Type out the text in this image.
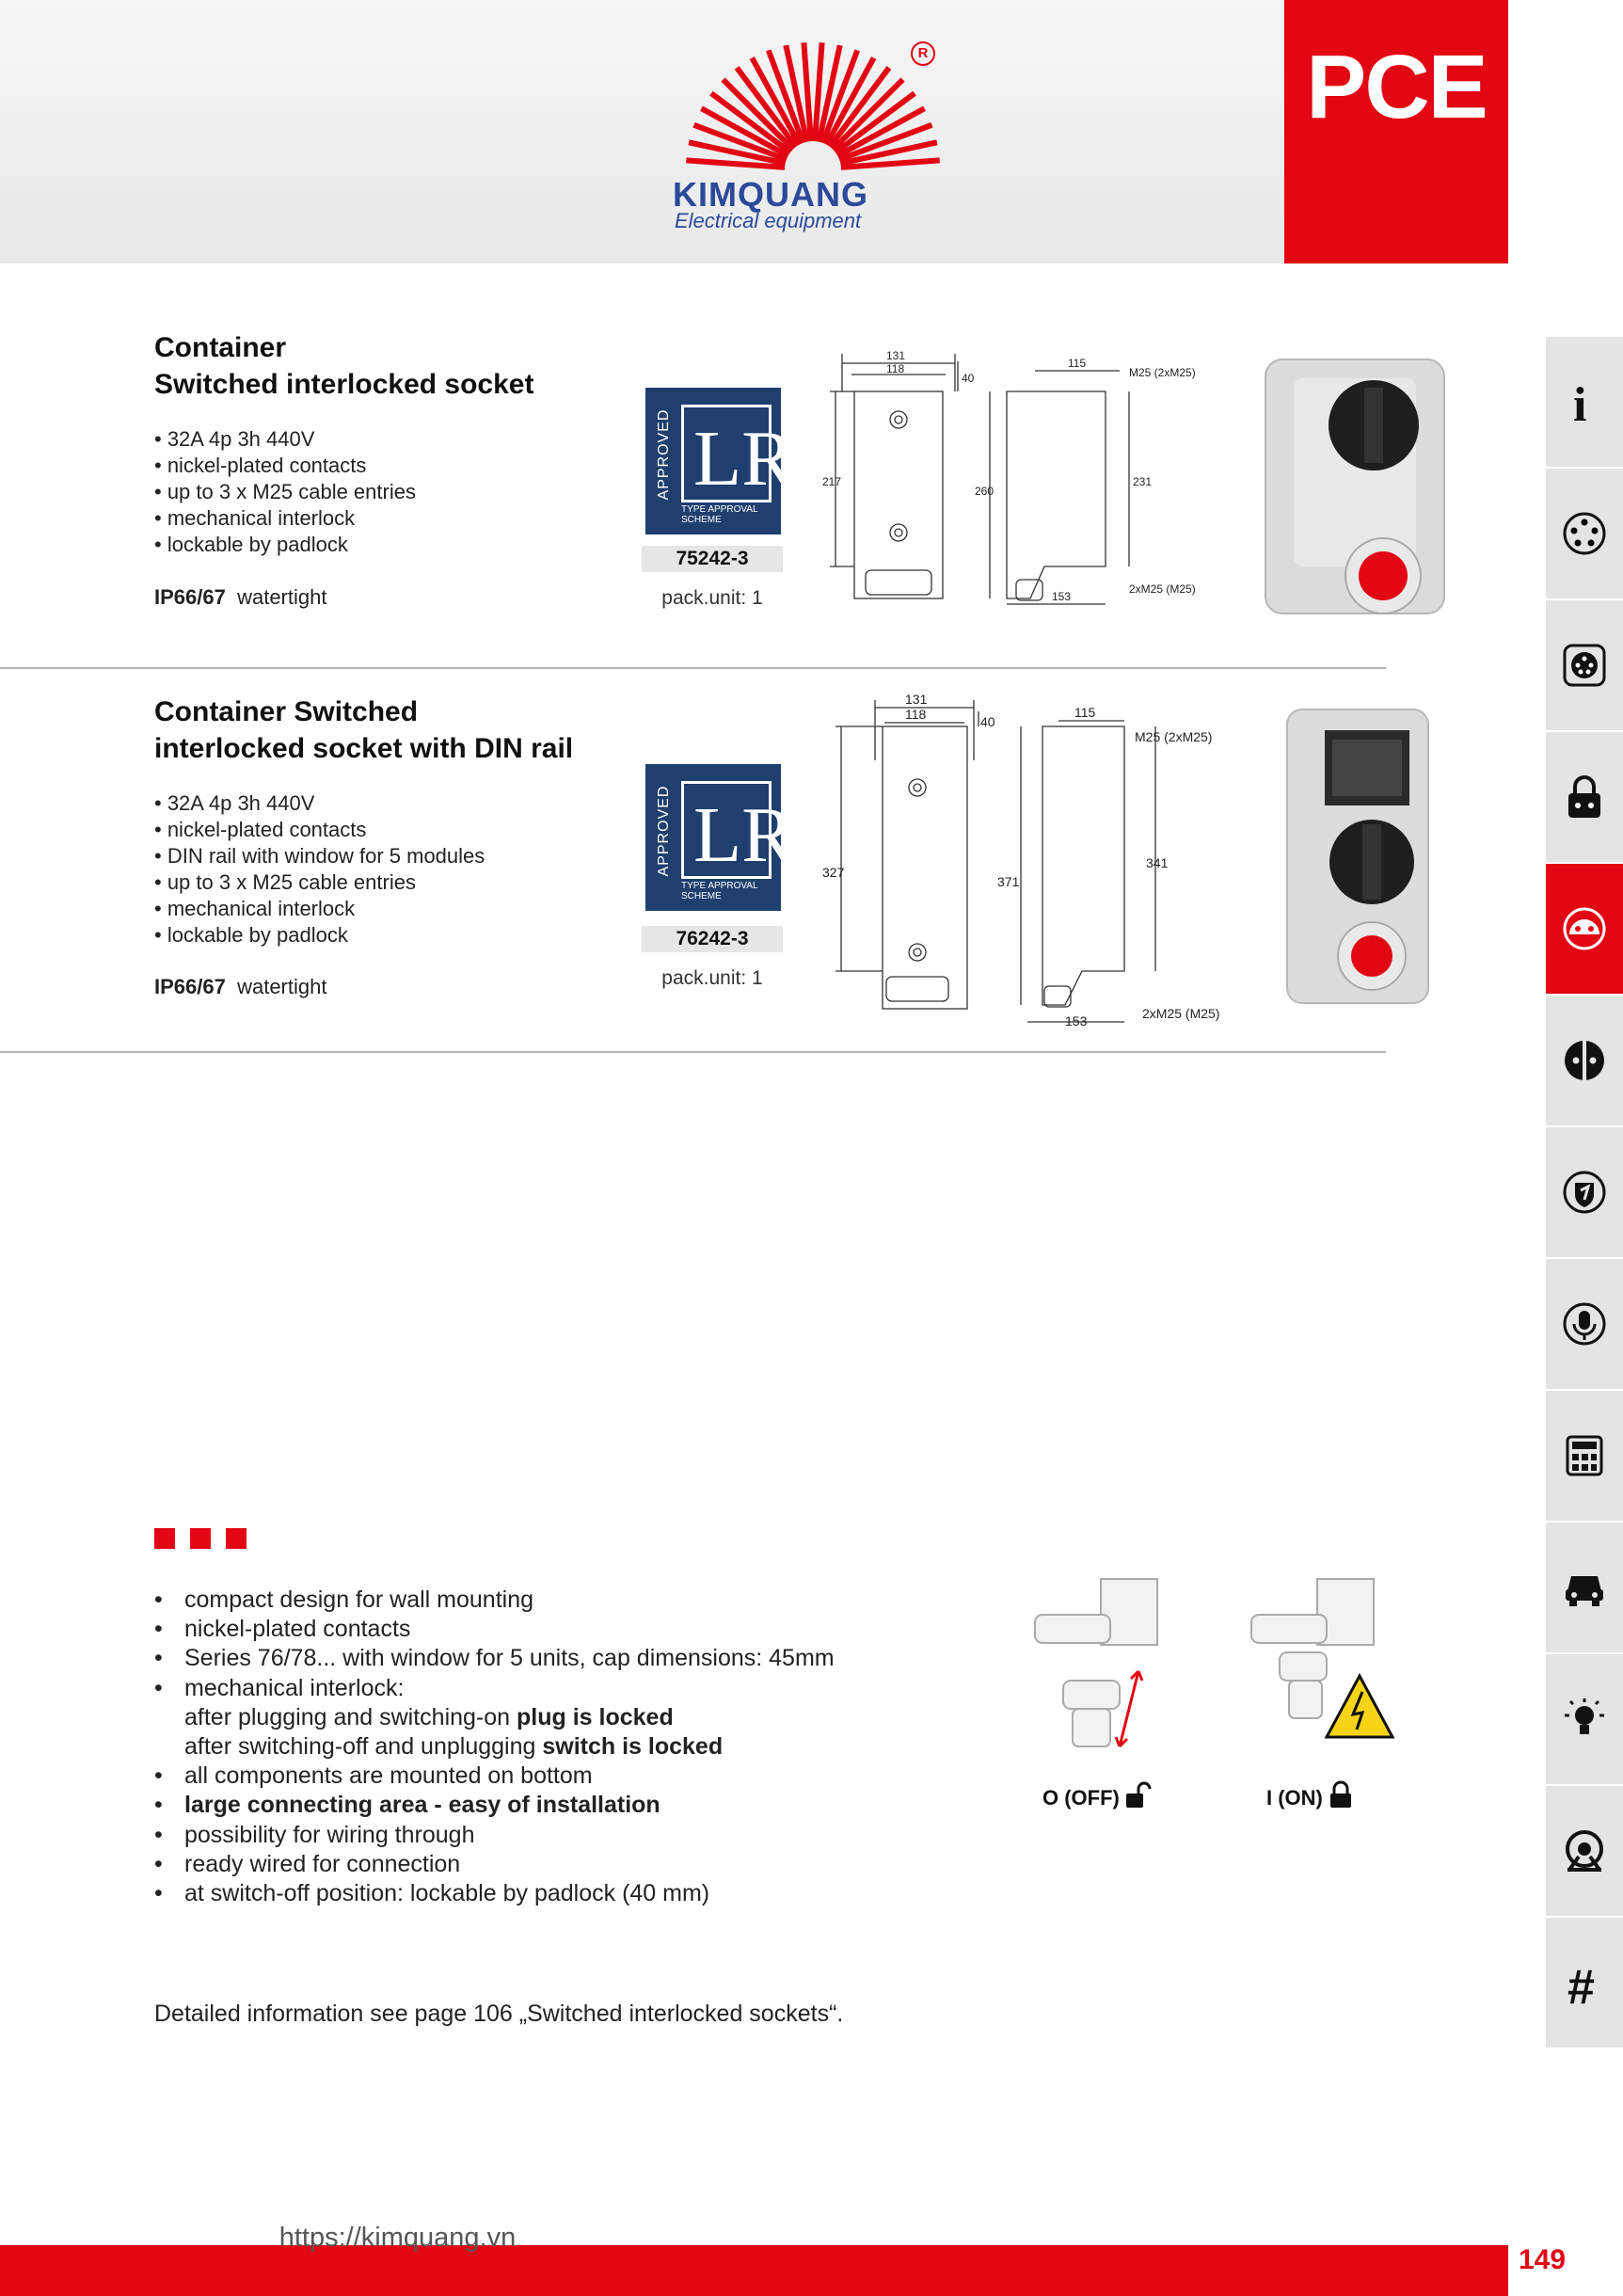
R
KIMQUANG
Electrical equipment
PCE
Container
Switched interlocked socket
• 32A 4p 3h 440V
• nickel-plated contacts
• up to 3 x M25 cable entries
• mechanical interlock
• lockable by padlock
IP66/67 watertight
APPROVED LR
TYPE APPROVAL
SCHEME
75242-3
pack.unit: 1
131
118
40
217
115
M25 (2xM25)
260
231
153
2xM25 (M25)
Container Switched
interlocked socket with DIN rail
• 32A 4p 3h 440V
• nickel-plated contacts
• DIN rail with window for 5 modules
• up to 3 x M25 cable entries
• mechanical interlock
• lockable by padlock
IP66/67 watertight
APPROVED LR
TYPE APPROVAL
SCHEME
76242-3
pack.unit: 1
131
118	40
327
115
M25 (2xM25)
371
341
153	2xM25 (M25)
i
#
• compact design for wall mounting
• nickel-plated contacts
• Series 76/78... with window for 5 units, cap dimensions: 45mm
• mechanical interlock:
after plugging and switching-on plug is locked
after switching-off and unplugging switch is locked
• all components are mounted on bottom
• large connecting area - easy of installation
• possibility for wiring through
• ready wired for connection
• at switch-off position: lockable by padlock (40 mm)
O (OFF)	I (ON)
Detailed information see page 106 „Switched interlocked sockets“.
https://kimquang.vn
149
